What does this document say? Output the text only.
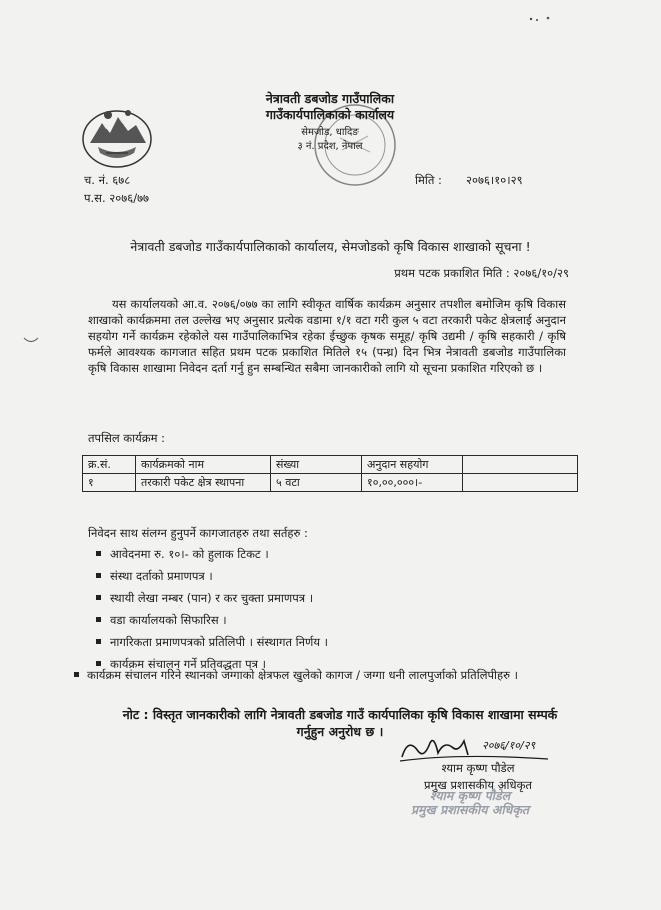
नेत्रावती डबजोड गाउँपालिका
गाउँकार्यपालिकाको कार्यालय
सेमजोड, धादिङ
३ नं. प्रदेश, नेपाल
च. नं. ६७८
प.स. २०७६/७७
मिति : २०७६।१०।२९
नेत्रावती डबजोड गाउँकार्यपालिकाको कार्यालय, सेमजोडको कृषि विकास शाखाको सूचना !
प्रथम पटक प्रकाशित मिति : २०७६/१०/२९
यस कार्यालयको आ.व. २०७६/०७७ का लागि स्वीकृत वार्षिक कार्यक्रम अनुसार तपशील बमोजिम कृषि विकास शाखाको कार्यक्रममा तल उल्लेख भए अनुसार प्रत्येक वडामा १/१ वटा गरी कुल ५ वटा तरकारी पकेट क्षेत्रलाई अनुदान सहयोग गर्ने कार्यक्रम रहेकोले यस गाउँपालिकाभित्र रहेका ईच्छुक कृषक समूह/ कृषि उद्यमी / कृषि सहकारी / कृषि फर्मले आवश्यक कागजात सहित प्रथम पटक प्रकाशित मितिले १५ (पन्ध्र) दिन भित्र नेत्रावती डबजोड गाउँपालिका कृषि विकास शाखामा निवेदन दर्ता गर्नु हुन सम्बन्धित सबैमा जानकारीको लागि यो सूचना प्रकाशित गरिएको छ ।
तपसिल कार्यक्रम :
क्र.सं.	कार्यक्रमको नाम	संख्या	अनुदान सहयोग	
१	तरकारी पकेट क्षेत्र स्थापना	५ वटा	१०,००,०००।-	
निवेदन साथ संलग्न हुनुपर्ने कागजातहरु तथा सर्तहरु :
आवेदनमा रु. १०।- को हुलाक टिकट ।
संस्था दर्ताको प्रमाणपत्र ।
स्थायी लेखा नम्बर (पान) र कर चुक्ता प्रमाणपत्र ।
वडा कार्यालयको सिफारिस ।
नागरिकता प्रमाणपत्रको प्रतिलिपी । संस्थागत निर्णय ।
कार्यक्रम संचालन गर्ने प्रतिवद्धता पत्र ।
कार्यक्रम संचालन गरिने स्थानको जग्गाको क्षेत्रफल खुलेको कागज / जग्गा धनी लालपुर्जाको प्रतिलिपीहरु ।
नोट : विस्तृत जानकारीको लागि नेत्रावती डबजोड गाउँ कार्यपालिका कृषि विकास शाखामा सम्पर्क गर्नुहुन अनुरोध छ ।
२०७६/१०/२९
श्याम कृष्ण पौडेल
प्रमुख प्रशासकीय अधिकृत
श्याम कृष्ण पौडेल
प्रमुख प्रशासकीय अधिकृत
